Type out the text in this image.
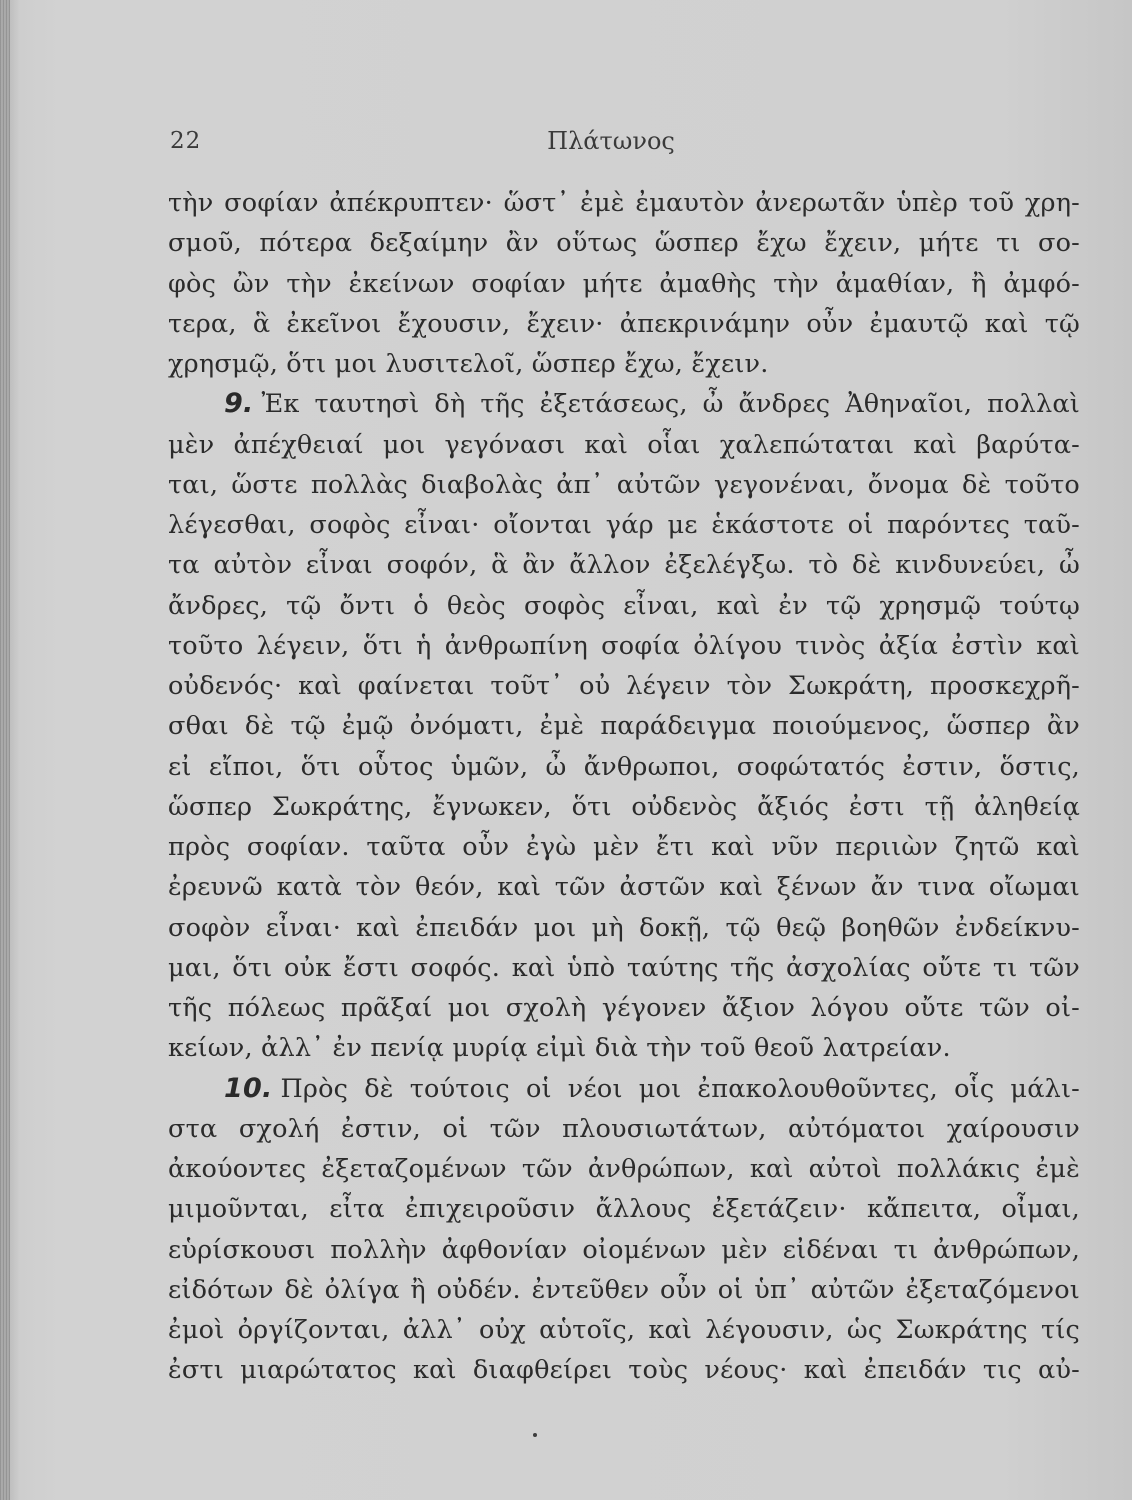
22	Πλάτωνος
τὴν σοφίαν ἀπέκρυπτεν· ὥστ᾽ ἐμὲ ἐμαυτὸν ἀνερωτᾶν ὑπὲρ τοῦ χρη-
σμοῦ, πότερα δεξαίμην ἂν οὕτως ὥσπερ ἔχω ἔχειν, μήτε τι σο-
φὸς ὢν τὴν ἐκείνων σοφίαν μήτε ἀμαθὴς τὴν ἀμαθίαν, ἢ ἀμφό-
τερα, ἃ ἐκεῖνοι ἔχουσιν, ἔχειν· ἀπεκρινάμην οὖν ἐμαυτῷ καὶ τῷ
χρησμῷ, ὅτι μοι λυσιτελοῖ, ὥσπερ ἔχω, ἔχειν.
9. Ἐκ ταυτησὶ δὴ τῆς ἐξετάσεως, ὦ ἄνδρες Ἀθηναῖοι, πολλαὶ
μὲν ἀπέχθειαί μοι γεγόνασι καὶ οἷαι χαλεπώταται καὶ βαρύτα-
ται, ὥστε πολλὰς διαβολὰς ἀπ᾽ αὐτῶν γεγονέναι, ὄνομα δὲ τοῦτο
λέγεσθαι, σοφὸς εἶναι· οἴονται γάρ με ἑκάστοτε οἱ παρόντες ταῦ-
τα αὐτὸν εἶναι σοφόν, ἃ ἂν ἄλλον ἐξελέγξω. τὸ δὲ κινδυνεύει, ὦ
ἄνδρες, τῷ ὄντι ὁ θεὸς σοφὸς εἶναι, καὶ ἐν τῷ χρησμῷ τούτῳ
τοῦτο λέγειν, ὅτι ἡ ἀνθρωπίνη σοφία ὀλίγου τινὸς ἀξία ἐστὶν καὶ
οὐδενός· καὶ φαίνεται τοῦτ᾽ οὐ λέγειν τὸν Σωκράτη, προσκεχρῆ-
σθαι δὲ τῷ ἐμῷ ὀνόματι, ἐμὲ παράδειγμα ποιούμενος, ὥσπερ ἂν
εἰ εἴποι, ὅτι οὗτος ὑμῶν, ὦ ἄνθρωποι, σοφώτατός ἐστιν, ὅστις,
ὥσπερ Σωκράτης, ἔγνωκεν, ὅτι οὐδενὸς ἄξιός ἐστι τῇ ἀληθείᾳ
πρὸς σοφίαν. ταῦτα οὖν ἐγὼ μὲν ἔτι καὶ νῦν περιιὼν ζητῶ καὶ
ἐρευνῶ κατὰ τὸν θεόν, καὶ τῶν ἀστῶν καὶ ξένων ἄν τινα οἴωμαι
σοφὸν εἶναι· καὶ ἐπειδάν μοι μὴ δοκῇ, τῷ θεῷ βοηθῶν ἐνδείκνυ-
μαι, ὅτι οὐκ ἔστι σοφός. καὶ ὑπὸ ταύτης τῆς ἀσχολίας οὔτε τι τῶν
τῆς πόλεως πρᾶξαί μοι σχολὴ γέγονεν ἄξιον λόγου οὔτε τῶν οἰ-
κείων, ἀλλ᾽ ἐν πενίᾳ μυρίᾳ εἰμὶ διὰ τὴν τοῦ θεοῦ λατρείαν.
10. Πρὸς δὲ τούτοις οἱ νέοι μοι ἐπακολουθοῦντες, οἷς μάλι-
στα σχολή ἐστιν, οἱ τῶν πλουσιωτάτων, αὐτόματοι χαίρουσιν
ἀκούοντες ἐξεταζομένων τῶν ἀνθρώπων, καὶ αὐτοὶ πολλάκις ἐμὲ
μιμοῦνται, εἶτα ἐπιχειροῦσιν ἄλλους ἐξετάζειν· κἄπειτα, οἶμαι,
εὑρίσκουσι πολλὴν ἀφθονίαν οἰομένων μὲν εἰδέναι τι ἀνθρώπων,
εἰδότων δὲ ὀλίγα ἢ οὐδέν. ἐντεῦθεν οὖν οἱ ὑπ᾽ αὐτῶν ἐξεταζόμενοι
ἐμοὶ ὀργίζονται, ἀλλ᾽ οὐχ αὑτοῖς, καὶ λέγουσιν, ὡς Σωκράτης τίς
ἐστι μιαρώτατος καὶ διαφθείρει τοὺς νέους· καὶ ἐπειδάν τις αὐ-
